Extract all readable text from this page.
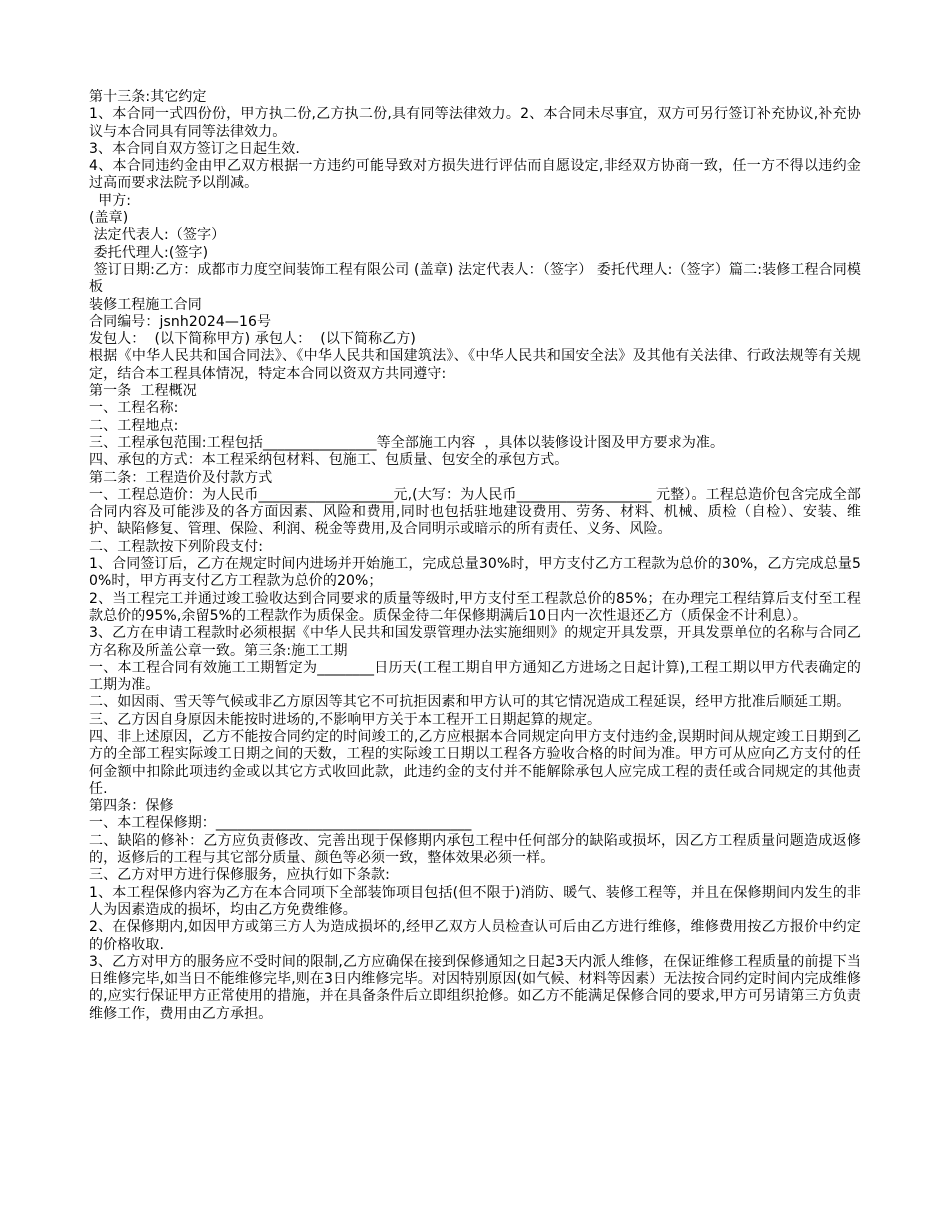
第十三条:其它约定

1、本合同一式四份份，甲方执二份,乙方执二份,具有同等法律效力。2、本合同未尽事宜，双方可另行签订补充协议,补充协议与本合同具有同等法律效力。

3、本合同自双方签订之日起生效.

4、本合同违约金由甲乙双方根据一方违约可能导致对方损失进行评估而自愿设定,非经双方协商一致，任一方不得以违约金过高而要求法院予以削减。

甲方:

(盖章)

法定代表人:（签字）

委托代理人:(签字)

签订日期:乙方：成都市力度空间装饰工程有限公司 (盖章) 法定代表人：（签字） 委托代理人:（签字）篇二:装修工程合同模板

装修工程施工合同

合同编号：jsnh2024—16号

发包人：  (以下简称甲方) 承包人：  (以下简称乙方)

根据《中华人民共和国合同法》、《中华人民共和国建筑法》、《中华人民共和国安全法》及其他有关法律、行政法规等有关规定，结合本工程具体情况，特定本合同以资双方共同遵守:

第一条  工程概况

一、工程名称:

二、工程地点:

三、工程承包范围:工程包括________________等全部施工内容  ，具体以装修设计图及甲方要求为准。

四、承包的方式：本工程采纳包材料、包施工、包质量、包安全的承包方式。

第二条：工程造价及付款方式

一、工程总造价：为人民币___________________元,(大写：为人民币___________________ 元整）。工程总造价包含完成全部合同内容及可能涉及的各方面因素、风险和费用,同时也包括驻地建设费用、劳务、材料、机械、质检（自检）、安装、维护、缺陷修复、管理、保险、利润、税金等费用,及合同明示或暗示的所有责任、义务、风险。

二、工程款按下列阶段支付:

1、合同签订后，乙方在规定时间内进场并开始施工，完成总量30%时，甲方支付乙方工程款为总价的30%，乙方完成总量50%时，甲方再支付乙方工程款为总价的20%；

2、当工程完工并通过竣工验收达到合同要求的质量等级时,甲方支付至工程款总价的85%；在办理完工程结算后支付至工程款总价的95%,余留5%的工程款作为质保金。质保金待二年保修期满后10日内一次性退还乙方（质保金不计利息）。

3、乙方在申请工程款时必须根据《中华人民共和国发票管理办法实施细则》的规定开具发票，开具发票单位的名称与合同乙方名称及所盖公章一致。第三条:施工工期

一、本工程合同有效施工工期暂定为________日历天(工程工期自甲方通知乙方进场之日起计算),工程工期以甲方代表确定的工期为准。

二、如因雨、雪天等气候或非乙方原因等其它不可抗拒因素和甲方认可的其它情况造成工程延误，经甲方批准后顺延工期。

三、乙方因自身原因未能按时进场的,不影响甲方关于本工程开工日期起算的规定。

四、非上述原因，乙方不能按合同约定的时间竣工的,乙方应根据本合同规定向甲方支付违约金,误期时间从规定竣工日期到乙方的全部工程实际竣工日期之间的天数，工程的实际竣工日期以工程各方验收合格的时间为准。甲方可从应向乙方支付的任何金额中扣除此项违约金或以其它方式收回此款，此违约金的支付并不能解除承包人应完成工程的责任或合同规定的其他责任.

第四条：保修

一、本工程保修期：____________________________________

二、缺陷的修补：乙方应负责修改、完善出现于保修期内承包工程中任何部分的缺陷或损坏，因乙方工程质量问题造成返修的，返修后的工程与其它部分质量、颜色等必须一致，整体效果必须一样。

三、乙方对甲方进行保修服务，应执行如下条款:

1、本工程保修内容为乙方在本合同项下全部装饰项目包括(但不限于)消防、暖气、装修工程等，并且在保修期间内发生的非人为因素造成的损坏，均由乙方免费维修。

2、在保修期内,如因甲方或第三方人为造成损坏的,经甲乙双方人员检查认可后由乙方进行维修，维修费用按乙方报价中约定的价格收取.

3、乙方对甲方的服务应不受时间的限制,乙方应确保在接到保修通知之日起3天内派人维修，在保证维修工程质量的前提下当日维修完毕,如当日不能维修完毕,则在3日内维修完毕。对因特别原因(如气候、材料等因素）无法按合同约定时间内完成维修的,应实行保证甲方正常使用的措施，并在具备条件后立即组织抢修。如乙方不能满足保修合同的要求,甲方可另请第三方负责维修工作，费用由乙方承担。
